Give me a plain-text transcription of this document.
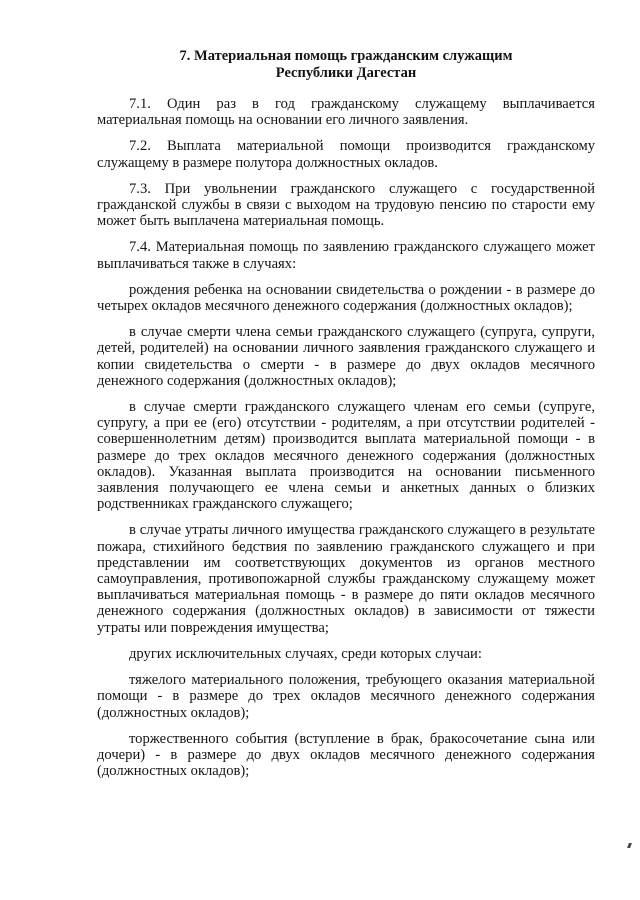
7. Материальная помощь гражданским служащим
Республики Дагестан

7.1. Один раз в год гражданскому служащему выплачивается материальная помощь на основании его личного заявления.

7.2. Выплата материальной помощи производится гражданскому служащему в размере полутора должностных окладов.

7.3. При увольнении гражданского служащего с государственной гражданской службы в связи с выходом на трудовую пенсию по старости ему может быть выплачена материальная помощь.

7.4. Материальная помощь по заявлению гражданского служащего может выплачиваться также в случаях:

рождения ребенка на основании свидетельства о рождении - в размере до четырех окладов месячного денежного содержания (должностных окладов);

в случае смерти члена семьи гражданского служащего (супруга, супруги, детей, родителей) на основании личного заявления гражданского служащего и копии свидетельства о смерти - в размере до двух окладов месячного денежного содержания (должностных окладов);

в случае смерти гражданского служащего членам его семьи (супруге, супругу, а при ее (его) отсутствии - родителям, а при отсутствии родителей - совершеннолетним детям) производится выплата материальной помощи - в размере до трех окладов месячного денежного содержания (должностных окладов). Указанная выплата производится на основании письменного заявления получающего ее члена семьи и анкетных данных о близких родственниках гражданского служащего;

в случае утраты личного имущества гражданского служащего в результате пожара, стихийного бедствия по заявлению гражданского служащего и при представлении им соответствующих документов из органов местного самоуправления, противопожарной службы гражданскому служащему может выплачиваться материальная помощь - в размере до пяти окладов месячного денежного содержания (должностных окладов) в зависимости от тяжести утраты или повреждения имущества;

других исключительных случаях, среди которых случаи:

тяжелого материального положения, требующего оказания материальной помощи - в размере до трех окладов месячного денежного содержания (должностных окладов);

торжественного события (вступление в брак, бракосочетание сына или дочери) - в размере до двух окладов месячного денежного содержания (должностных окладов);
